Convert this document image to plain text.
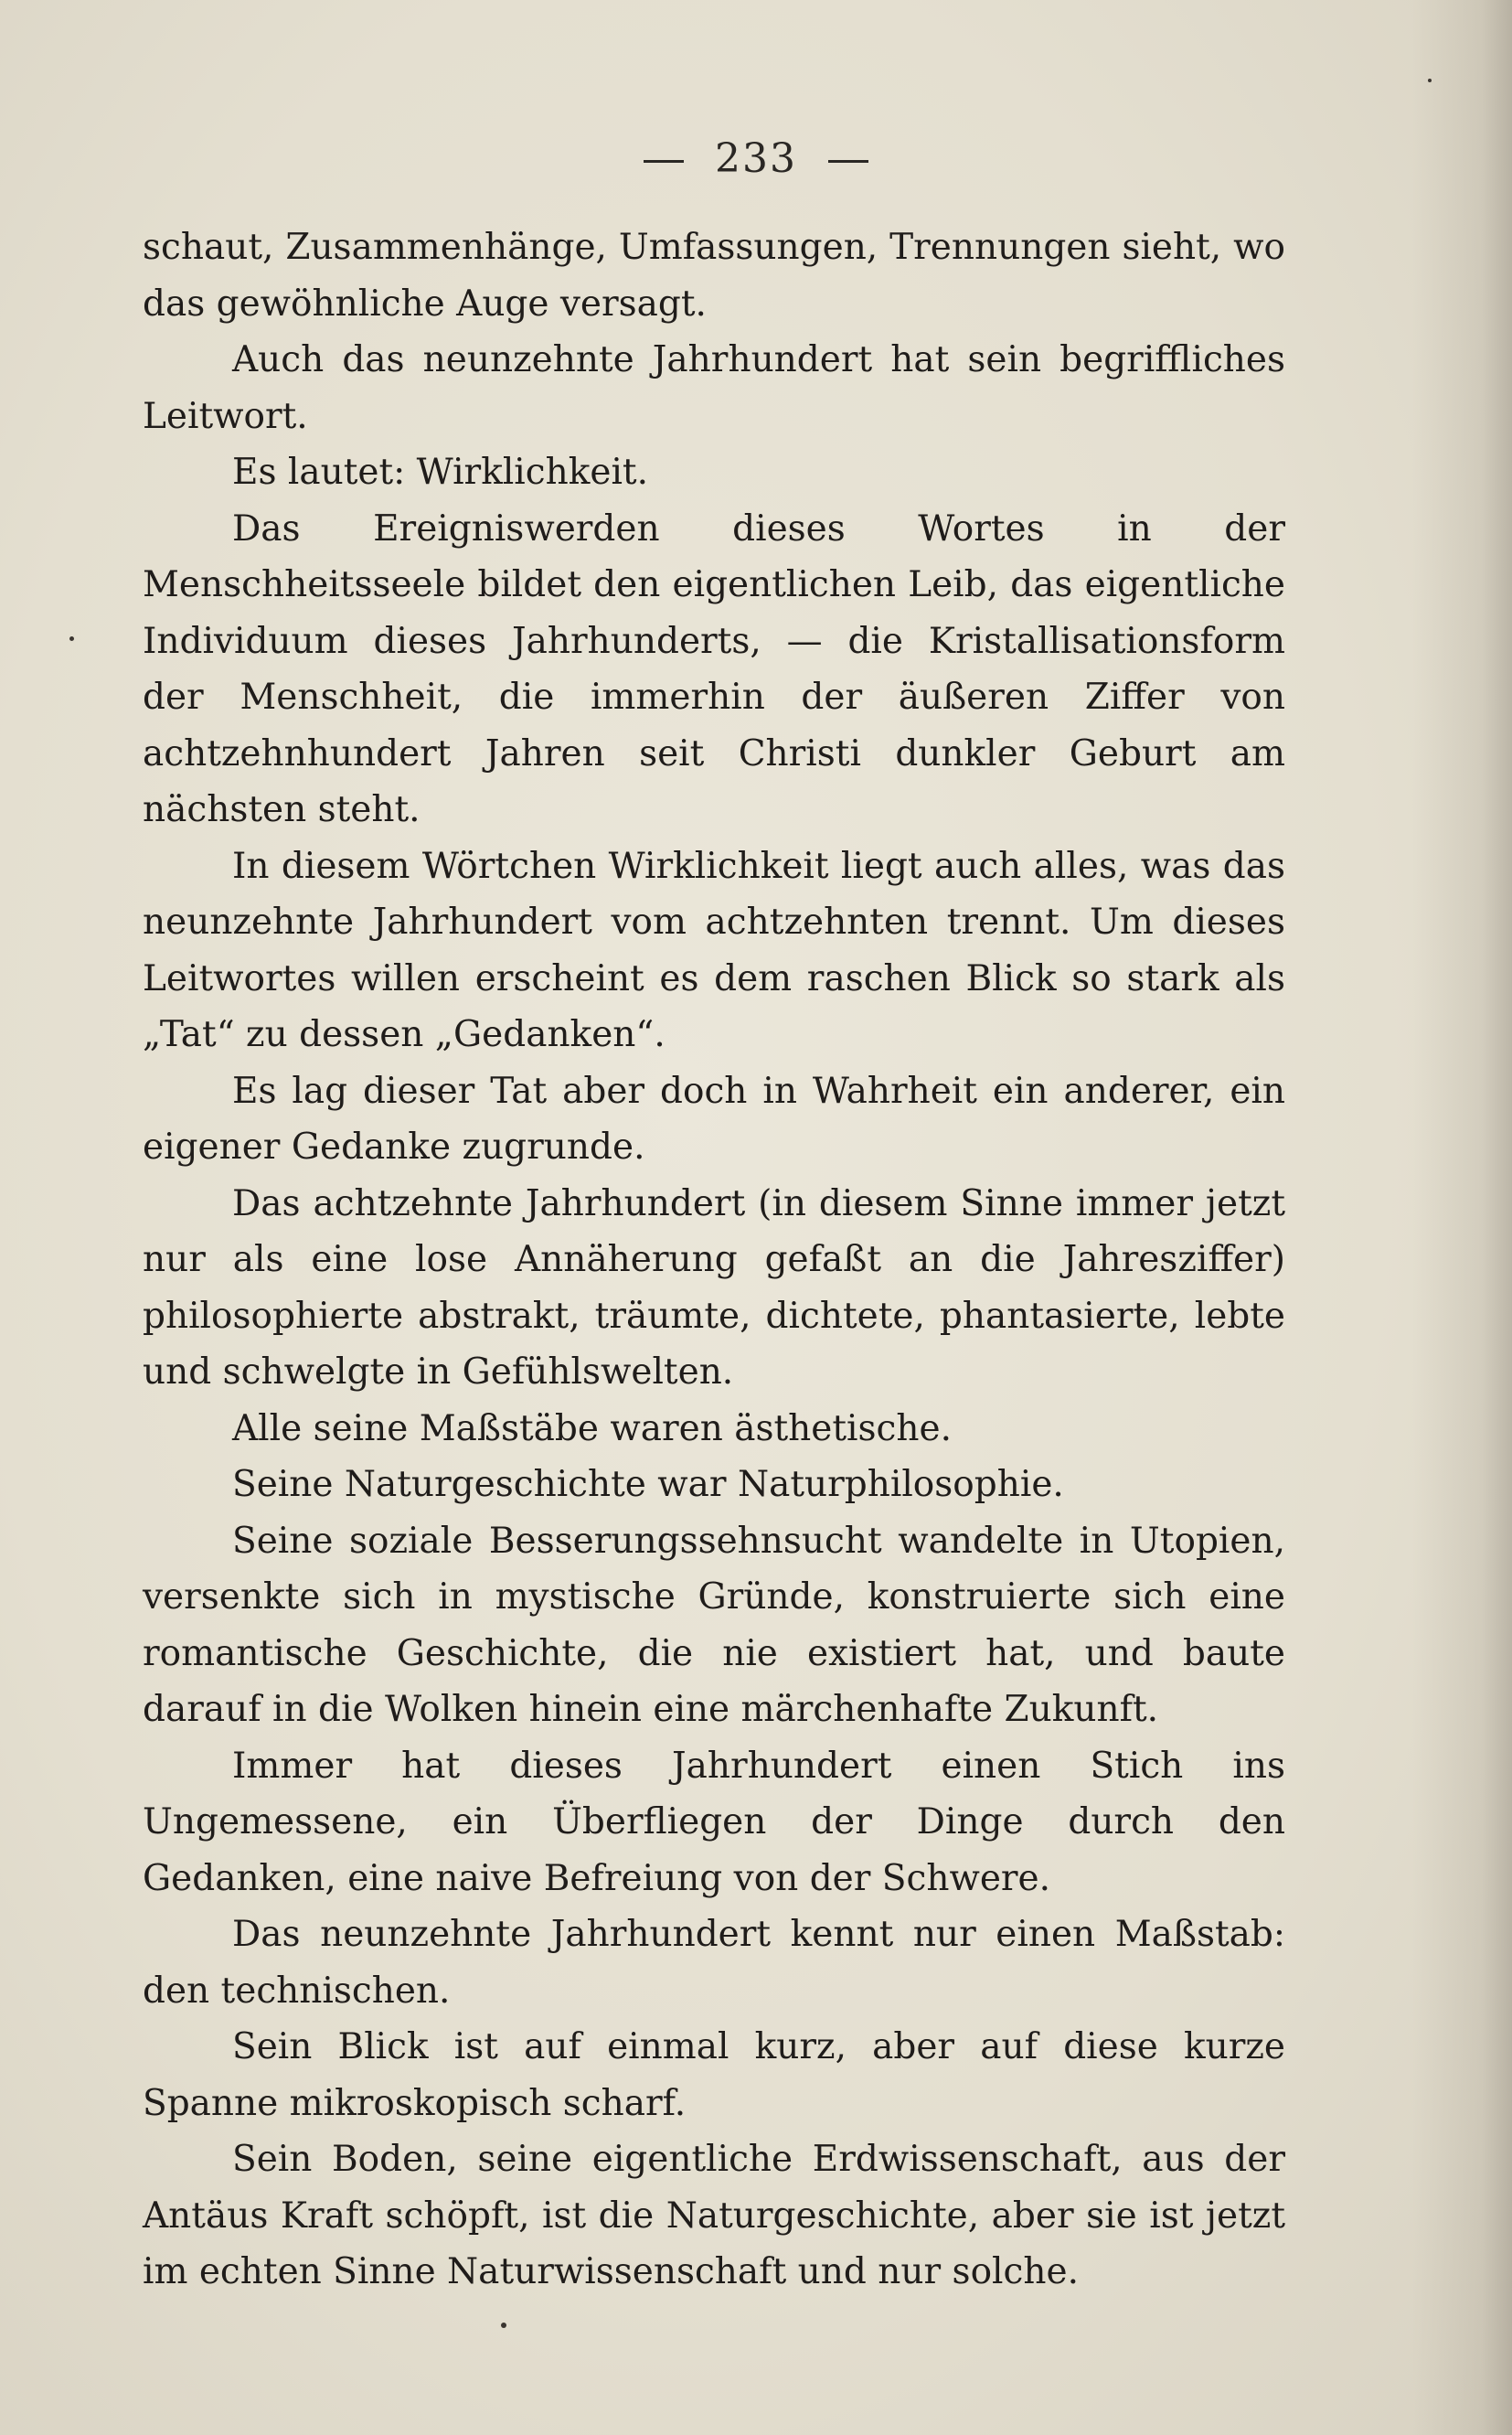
233

schaut, Zusammenhänge, Umfassungen, Trennungen sieht, wo das gewöhnliche Auge versagt.

Auch das neunzehnte Jahrhundert hat sein begriffliches Leitwort.

Es lautet: Wirklichkeit.

Das Ereigniswerden dieses Wortes in der Menschheitsseele bildet den eigentlichen Leib, das eigentliche Individuum dieses Jahrhunderts, — die Kristallisationsform der Menschheit, die immerhin der äußeren Ziffer von achtzehnhundert Jahren seit Christi dunkler Geburt am nächsten steht.

In diesem Wörtchen Wirklichkeit liegt auch alles, was das neunzehnte Jahrhundert vom achtzehnten trennt. Um dieses Leitwortes willen erscheint es dem raschen Blick so stark als „Tat“ zu dessen „Gedanken“.

Es lag dieser Tat aber doch in Wahrheit ein anderer, ein eigener Gedanke zugrunde.

Das achtzehnte Jahrhundert (in diesem Sinne immer jetzt nur als eine lose Annäherung gefaßt an die Jahresziffer) philosophierte abstrakt, träumte, dichtete, phantasierte, lebte und schwelgte in Gefühlswelten.

Alle seine Maßstäbe waren ästhetische.

Seine Naturgeschichte war Naturphilosophie.

Seine soziale Besserungssehnsucht wandelte in Utopien, versenkte sich in mystische Gründe, konstruierte sich eine romantische Geschichte, die nie existiert hat, und baute darauf in die Wolken hinein eine märchenhafte Zukunft.

Immer hat dieses Jahrhundert einen Stich ins Ungemessene, ein Überfliegen der Dinge durch den Gedanken, eine naive Befreiung von der Schwere.

Das neunzehnte Jahrhundert kennt nur einen Maßstab: den technischen.

Sein Blick ist auf einmal kurz, aber auf diese kurze Spanne mikroskopisch scharf.

Sein Boden, seine eigentliche Erdwissenschaft, aus der Antäus Kraft schöpft, ist die Naturgeschichte, aber sie ist jetzt im echten Sinne Naturwissenschaft und nur solche.
